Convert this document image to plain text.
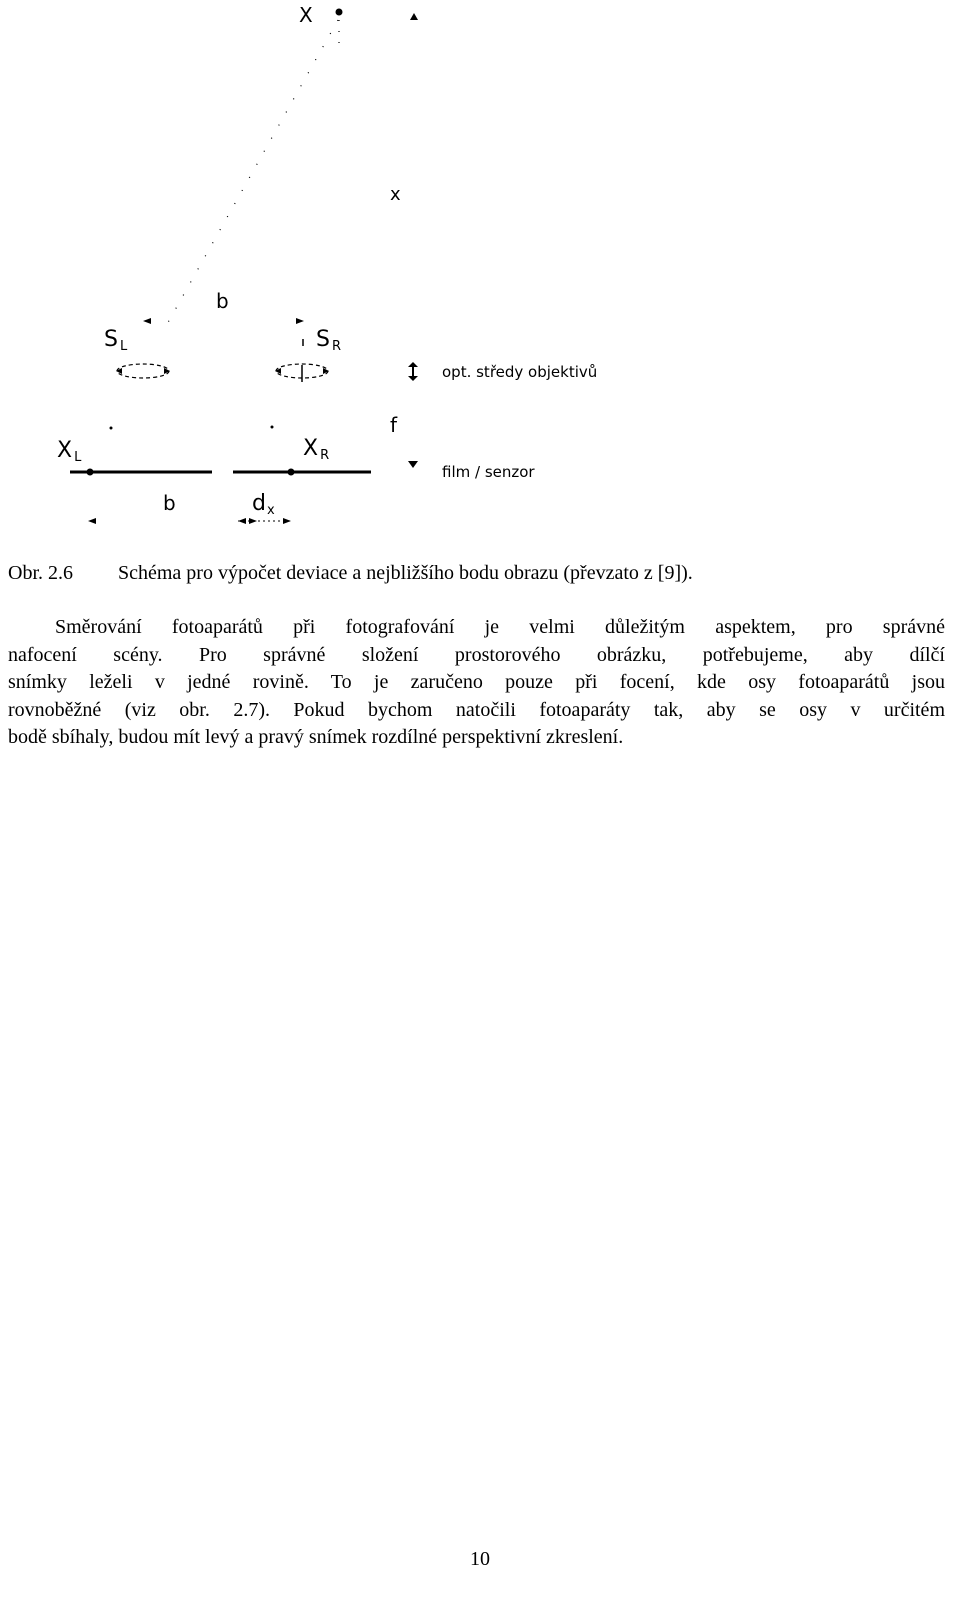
X
x
b
S L	S R
opt. středy objektivů
f
film / senzor
X L	X R
b	dx
Obr. 2.6 Schéma pro výpočet deviace a nejbližšího bodu obrazu (převzato z [9]).
Směrování fotoaparátů při fotografování je velmi důležitým aspektem, pro správné
nafocení scény. Pro správné složení prostorového obrázku, potřebujeme, aby dílčí
snímky leželi v jedné rovině. To je zaručeno pouze při focení, kde osy fotoaparátů jsou
rovnoběžné (viz obr. 2.7). Pokud bychom natočili fotoaparáty tak, aby se osy v určitém
bodě sbíhaly, budou mít levý a pravý snímek rozdílné perspektivní zkreslení.
10
